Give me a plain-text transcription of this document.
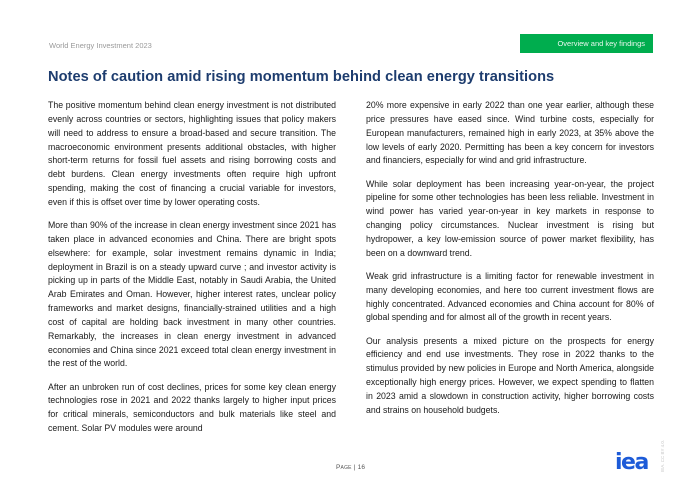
World Energy Investment 2023	Overview and key findings
Notes of caution amid rising momentum behind clean energy transitions

The positive momentum behind clean energy investment is not distributed evenly across countries or sectors, highlighting issues that policy makers will need to address to ensure a broad-based and secure transition. The macroeconomic environment presents additional obstacles, with higher short-term returns for fossil fuel assets and rising borrowing costs and debt burdens. Clean energy investments often require high upfront spending, making the cost of financing a crucial variable for investors, even if this is offset over time by lower operating costs.

More than 90% of the increase in clean energy investment since 2021 has taken place in advanced economies and China. There are bright spots elsewhere: for example, solar investment remains dynamic in India; deployment in Brazil is on a steady upward curve ; and investor activity is picking up in parts of the Middle East, notably in Saudi Arabia, the United Arab Emirates and Oman. However, higher interest rates, unclear policy frameworks and market designs, financially-strained utilities and a high cost of capital are holding back investment in many other countries. Remarkably, the increases in clean energy investment in advanced economies and China since 2021 exceed total clean energy investment in the rest of the world.

After an unbroken run of cost declines, prices for some key clean energy technologies rose in 2021 and 2022 thanks largely to higher input prices for critical minerals, semiconductors and bulk materials like steel and cement. Solar PV modules were around

20% more expensive in early 2022 than one year earlier, although these price pressures have eased since. Wind turbine costs, especially for European manufacturers, remained high in early 2023, at 35% above the low levels of early 2020. Permitting has been a key concern for investors and financiers, especially for wind and grid infrastructure.

While solar deployment has been increasing year-on-year, the project pipeline for some other technologies has been less reliable. Investment in wind power has varied year-on-year in key markets in response to changing policy circumstances. Nuclear investment is rising but hydropower, a key low-emission source of power market flexibility, has been on a downward trend.

Weak grid infrastructure is a limiting factor for renewable investment in many developing economies, and here too current investment flows are highly concentrated. Advanced economies and China account for 80% of global spending and for almost all of the growth in recent years.

Our analysis presents a mixed picture on the prospects for energy efficiency and end use investments. They rose in 2022 thanks to the stimulus provided by new policies in Europe and North America, alongside exceptionally high energy prices. However, we expect spending to flatten in 2023 amid a slowdown in construction activity, higher borrowing costs and strains on household budgets.

Page | 16	iea	IEA. CC BY 4.0.
